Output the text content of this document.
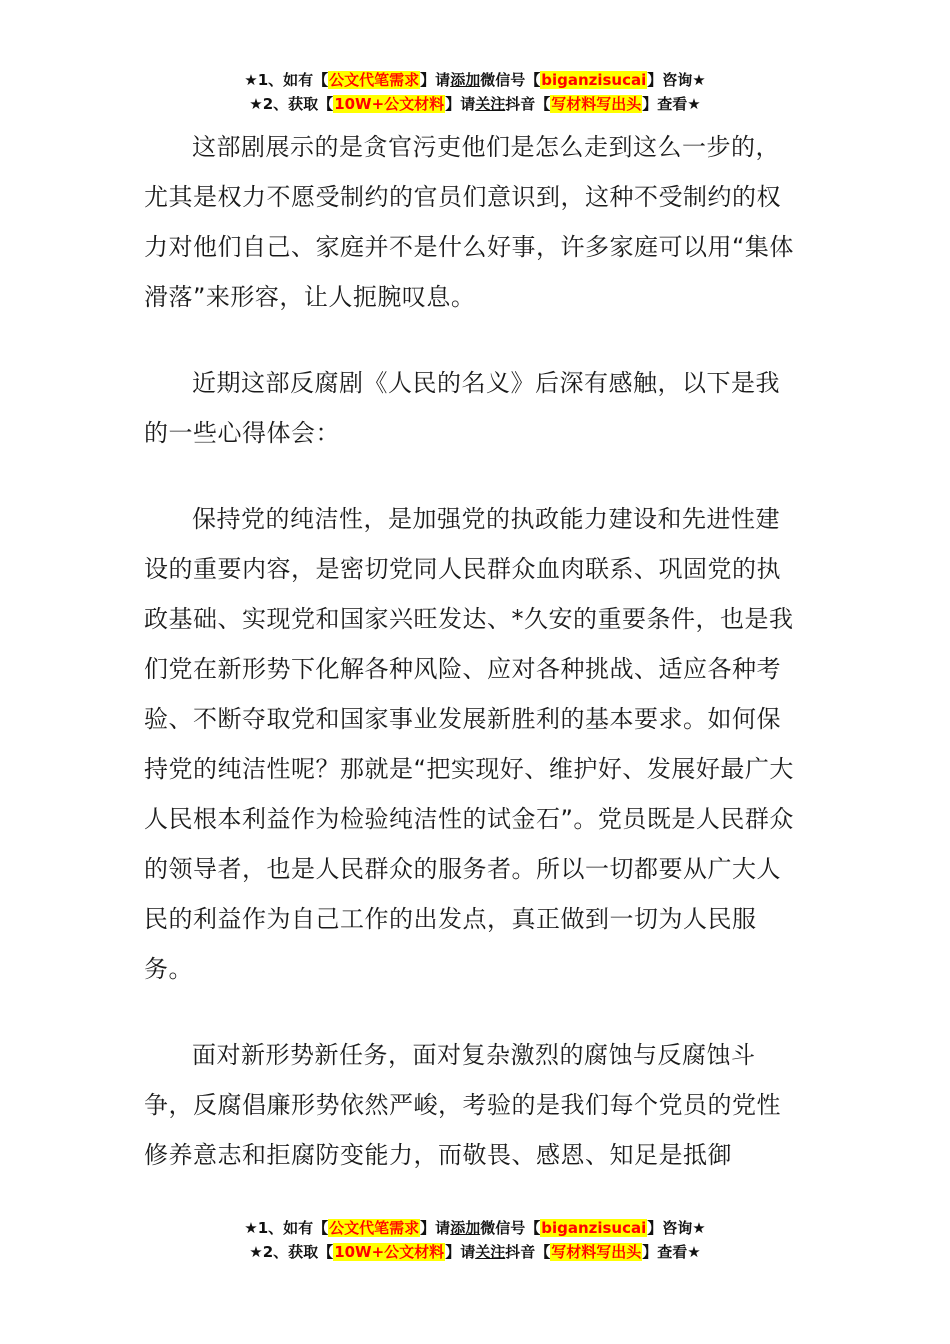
★1、如有【公文代笔需求】请添加微信号【biganzisucai】咨询★
★2、获取【10W+公文材料】请关注抖音【写材料写出头】查看★

这部剧展示的是贪官污吏他们是怎么走到这么一步的，尤其是权力不愿受制约的官员们意识到，这种不受制约的权力对他们自己、家庭并不是什么好事，许多家庭可以用“集体滑落”来形容，让人扼腕叹息。

近期这部反腐剧《人民的名义》后深有感触，以下是我的一些心得体会：

保持党的纯洁性，是加强党的执政能力建设和先进性建设的重要内容，是密切党同人民群众血肉联系、巩固党的执政基础、实现党和国家兴旺发达、*久安的重要条件，也是我们党在新形势下化解各种风险、应对各种挑战、适应各种考验、不断夺取党和国家事业发展新胜利的基本要求。如何保持党的纯洁性呢？那就是“把实现好、维护好、发展好最广大人民根本利益作为检验纯洁性的试金石”。党员既是人民群众的领导者，也是人民群众的服务者。所以一切都要从广大人民的利益作为自己工作的出发点，真正做到一切为人民服务。

面对新形势新任务，面对复杂激烈的腐蚀与反腐蚀斗争，反腐倡廉形势依然严峻，考验的是我们每个党员的党性修养意志和拒腐防变能力，而敬畏、感恩、知足是抵御

★1、如有【公文代笔需求】请添加微信号【biganzisucai】咨询★
★2、获取【10W+公文材料】请关注抖音【写材料写出头】查看★
